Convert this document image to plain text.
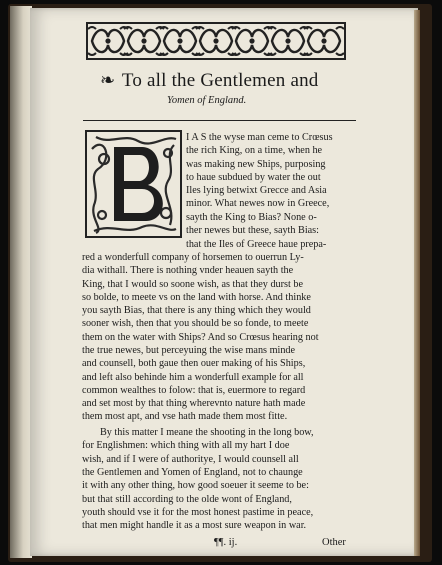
❧ To all the Gentlemen and
Yomen of England.
I A S the wyse man ceme to Crœsus
the rich King, on a time, when he
was making new Ships, purposing
to haue subdued by water the out
Iles lying betwixt Grecce and Asia
minor. What newes now in Greece,
sayth the King to Bias? None o-
ther newes but these, sayth Bias:
that the Iles of Greece haue prepa-
red a wonderfull company of horsemen to ouerrun Ly-
dia withall. There is nothing vnder heauen sayth the
King, that I would so soone wish, as that they durst be
so bolde, to meete vs on the land with horse. And thinke
you sayth Bias, that there is any thing which they would
sooner wish, then that you should be so fonde, to meete
them on the water with Ships? And so Crœsus hearing not
the true newes, but perceyuing the wise mans minde
and counsell, both gaue then ouer making of his Ships,
and left also behinde him a wonderfull example for all
common wealthes to folow: that is, euermore to regard
and set most by that thing wherevnto nature hath made
them most apt, and vse hath made them most fitte.
By this matter I meane the shooting in the long bow,
for Englishmen: which thing with all my hart I doe
wish, and if I were of authoritye, I would counsell all
the Gentlemen and Yomen of England, not to chaunge
it with any other thing, how good soeuer it seeme to be:
but that still according to the olde wont of England,
youth should vse it for the most honest pastime in peace,
that men might handle it as a most sure weapon in war.
¶¶. ij.	Other
